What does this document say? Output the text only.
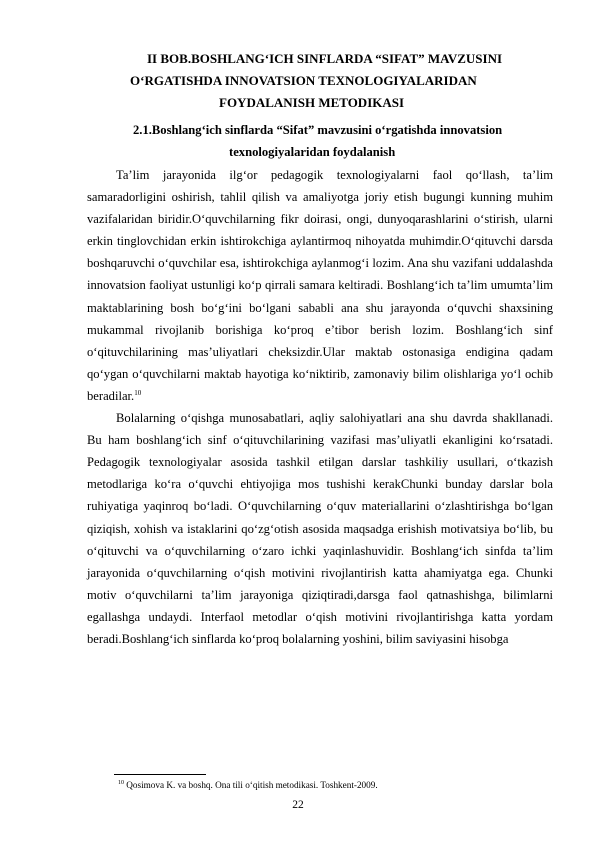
II BOB.BOSHLANG‘ICH SINFLARDA “SIFAT” MAVZUSINI
O‘RGATISHDA INNOVATSION TEXNOLOGIYALARIDAN
FOYDALANISH METODIKASI
2.1.Boshlang‘ich sinflarda “Sifat” mavzusini o‘rgatishda innovatsion
texnologiyalaridan foydalanish

Ta’lim jarayonida ilg‘or pedagogik texnologiyalarni faol qo‘llash, ta’lim samaradorligini oshirish, tahlil qilish va amaliyotga joriy etish bugungi kunning muhim vazifalaridan biridir.O‘quvchilarning fikr doirasi, ongi, dunyoqarashlarini o‘stirish, ularni erkin tinglovchidan erkin ishtirokchiga aylantirmoq nihoyatda muhimdir.O‘qituvchi darsda boshqaruvchi o‘quvchilar esa, ishtirokchiga aylanmog‘i lozim. Ana shu vazifani uddalashda innovatsion faoliyat ustunligi ko‘p qirrali samara keltiradi. Boshlang‘ich ta’lim umumta’lim maktablarining bosh bo‘g‘ini bo‘lgani sababli ana shu jarayonda o‘quvchi shaxsining mukammal rivojlanib borishiga ko‘proq e’tibor berish lozim. Boshlang‘ich sinf o‘qituvchilarining mas’uliyatlari cheksizdir.Ular maktab ostonasiga endigina qadam qo‘ygan o‘quvchilarni maktab hayotiga ko‘niktirib, zamonaviy bilim olishlariga yo‘l ochib beradilar.$^{10}$

Bolalarning o‘qishga munosabatlari, aqliy salohiyatlari ana shu davrda shakllanadi. Bu ham boshlang‘ich sinf o‘qituvchilarining vazifasi mas’uliyatli ekanligini ko‘rsatadi. Pedagogik texnologiyalar asosida tashkil etilgan darslar tashkiliy usullari, o‘tkazish metodlariga ko‘ra o‘quvchi ehtiyojiga mos tushishi kerakChunki bunday darslar bola ruhiyatiga yaqinroq bo‘ladi. O‘quvchilarning o‘quv materiallarini o‘zlashtirishga bo‘lgan qiziqish, xohish va istaklarini qo‘zg‘otish asosida maqsadga erishish motivatsiya bo‘lib, bu o‘qituvchi va o‘quvchilarning o‘zaro ichki yaqinlashuvidir. Boshlang‘ich sinfda ta’lim jarayonida o‘quvchilarning o‘qish motivini rivojlantirish katta ahamiyatga ega. Chunki motiv o‘quvchilarni ta’lim jarayoniga qiziqtiradi,darsga faol qatnashishga, bilimlarni egallashga undaydi. Interfaol metodlar o‘qish motivini rivojlantirishga katta yordam beradi.Boshlang‘ich sinflarda ko‘proq bolalarning yoshini, bilim saviyasini hisobga

$^{10}$ Qosimova K. va boshq. Ona tili o‘qitish metodikasi. Toshkent-2009.
22
